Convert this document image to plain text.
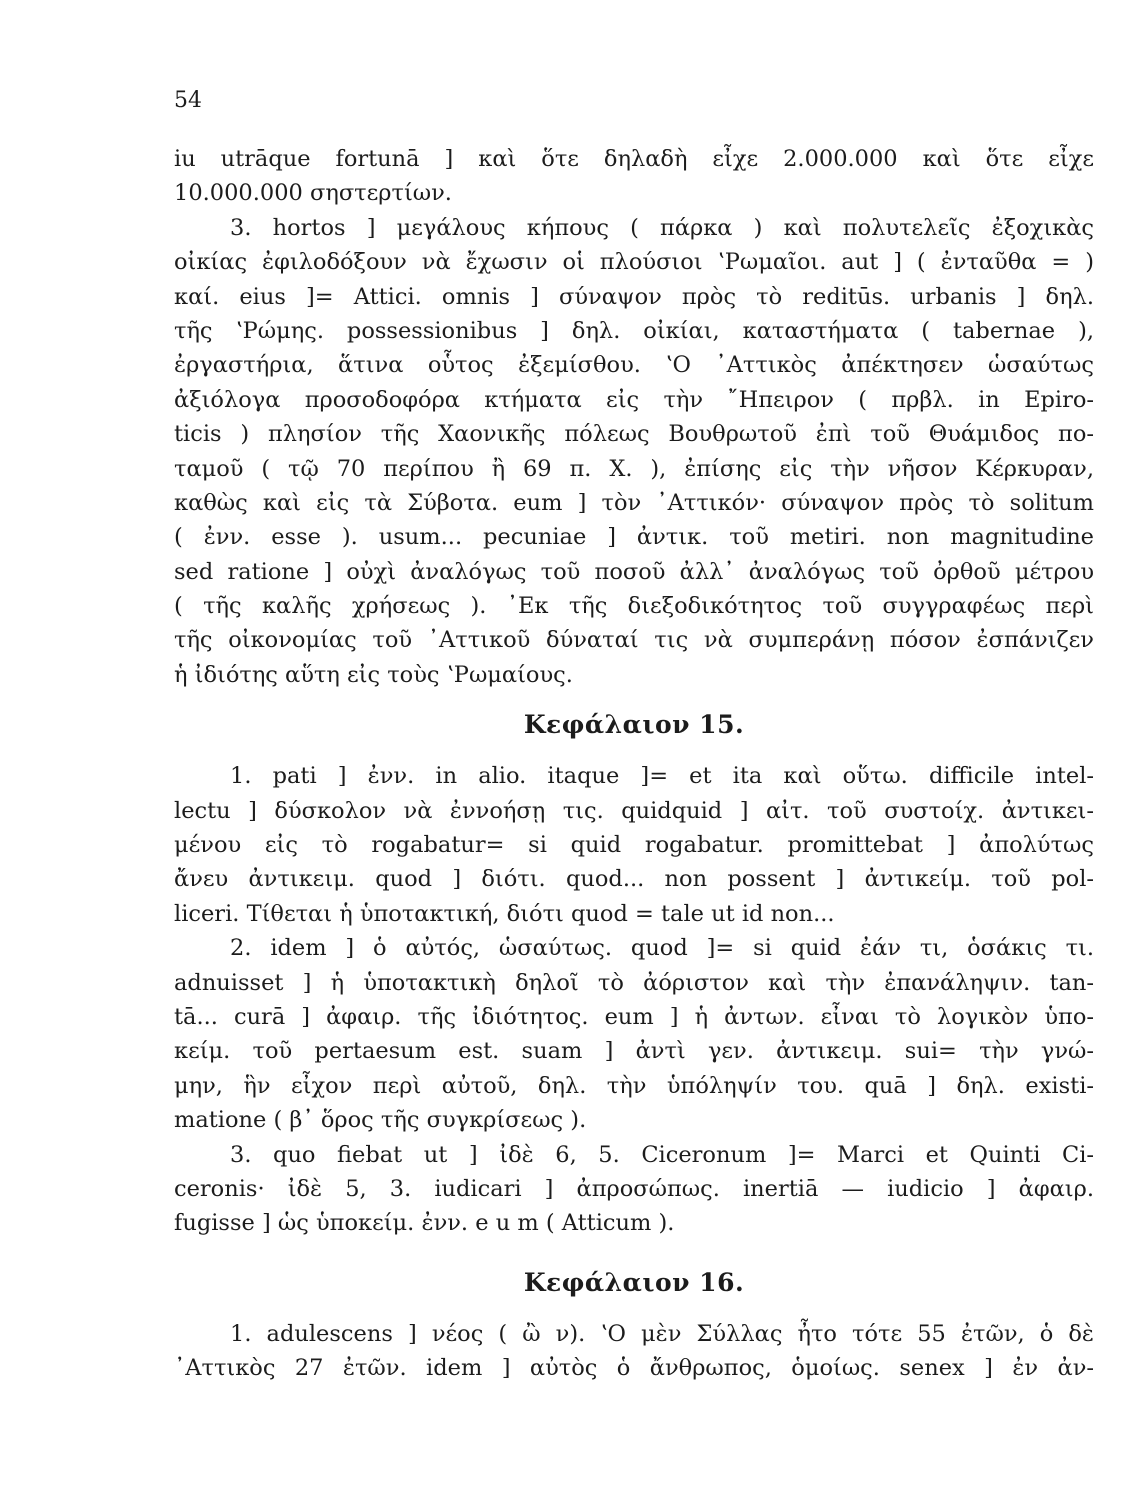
54
iu utrāque fortunā ] καὶ ὅτε δηλαδὴ εἶχε 2.000.000 καὶ ὅτε εἶχε
10.000.000 σηστερτίων.
3. hortos ] μεγάλους κήπους ( πάρκα ) καὶ πολυτελεῖς ἐξοχικὰς
οἰκίας ἐφιλοδόξουν νὰ ἔχωσιν οἱ πλούσιοι ʽΡωμαῖοι. aut ] ( ἐνταῦθα = )
καί. eius ]= Attici. omnis ] σύναψον πρὸς τὸ reditūs. urbanis ] δηλ.
τῆς ʽΡώμης. possessionibus ] δηλ. οἰκίαι, καταστήματα ( tabernae ),
ἐργαστήρια, ἅτινα οὗτος ἐξεμίσθου. ʽΟ ᾿Αττικὸς ἀπέκτησεν ὡσαύτως
ἀξιόλογα προσοδοφόρα κτήματα εἰς τὴν ῎Ηπειρον ( πρβλ. in Epiro-
ticis ) πλησίον τῆς Χαονικῆς πόλεως Βουθρωτοῦ ἐπὶ τοῦ Θυάμιδος πο-
ταμοῦ ( τῷ 70 περίπου ἢ 69 π. Χ. ), ἐπίσης εἰς τὴν νῆσον Κέρκυραν,
καθὼς καὶ εἰς τὰ Σύβοτα. eum ] τὸν ᾿Αττικόν· σύναψον πρὸς τὸ solitum
( ἐνν. esse ). usum... pecuniae ] ἀντικ. τοῦ metiri. non magnitudine
sed ratione ] οὐχὶ ἀναλόγως τοῦ ποσοῦ ἀλλ᾿ ἀναλόγως τοῦ ὀρθοῦ μέτρου
( τῆς καλῆς χρήσεως ). ᾿Εκ τῆς διεξοδικότητος τοῦ συγγραφέως περὶ
τῆς οἰκονομίας τοῦ ᾿Αττικοῦ δύναταί τις νὰ συμπεράνῃ πόσον ἐσπάνιζεν
ἡ ἰδιότης αὕτη εἰς τοὺς ʽΡωμαίους.
Κεφάλαιον 15.
1. pati ] ἐνν. in alio. itaque ]= et ita καὶ οὕτω. difficile intel-
lectu ] δύσκολον νὰ ἐννοήσῃ τις. quidquid ] αἰτ. τοῦ συστοίχ. ἀντικει-
μένου εἰς τὸ rogabatur= si quid rogabatur. promittebat ] ἀπολύτως
ἄνευ ἀντικειμ. quod ] διότι. quod... non possent ] ἀντικείμ. τοῦ pol-
liceri. Τίθεται ἡ ὑποτακτική, διότι quod = tale ut id non...
2. idem ] ὁ αὐτός, ὡσαύτως. quod ]= si quid ἐάν τι, ὁσάκις τι.
adnuisset ] ἡ ὑποτακτικὴ δηλοῖ τὸ ἀόριστον καὶ τὴν ἐπανάληψιν. tan-
tā... curā ] ἀφαιρ. τῆς ἰδιότητος. eum ] ἡ ἀντων. εἶναι τὸ λογικὸν ὑπο-
κείμ. τοῦ pertaesum est. suam ] ἀντὶ γεν. ἀντικειμ. sui= τὴν γνώ-
μην, ἣν εἶχον περὶ αὐτοῦ, δηλ. τὴν ὑπόληψίν του. quā ] δηλ. existi-
matione ( β᾿ ὅρος τῆς συγκρίσεως ).
3. quo fiebat ut ] ἰδὲ 6, 5. Ciceronum ]= Marci et Quinti Ci-
ceronis· ἰδὲ 5, 3. iudicari ] ἀπροσώπως. inertiā — iudicio ] ἀφαιρ.
fugisse ] ὡς ὑποκείμ. ἐνν. e u m ( Atticum ).
Κεφάλαιον 16.
1. adulescens ] νέος ( ὢ ν). ʽΟ μὲν Σύλλας ἦτο τότε 55 ἐτῶν, ὁ δὲ
᾿Αττικὸς 27 ἐτῶν. idem ] αὐτὸς ὁ ἄνθρωπος, ὁμοίως. senex ] ἐν ἀν-
